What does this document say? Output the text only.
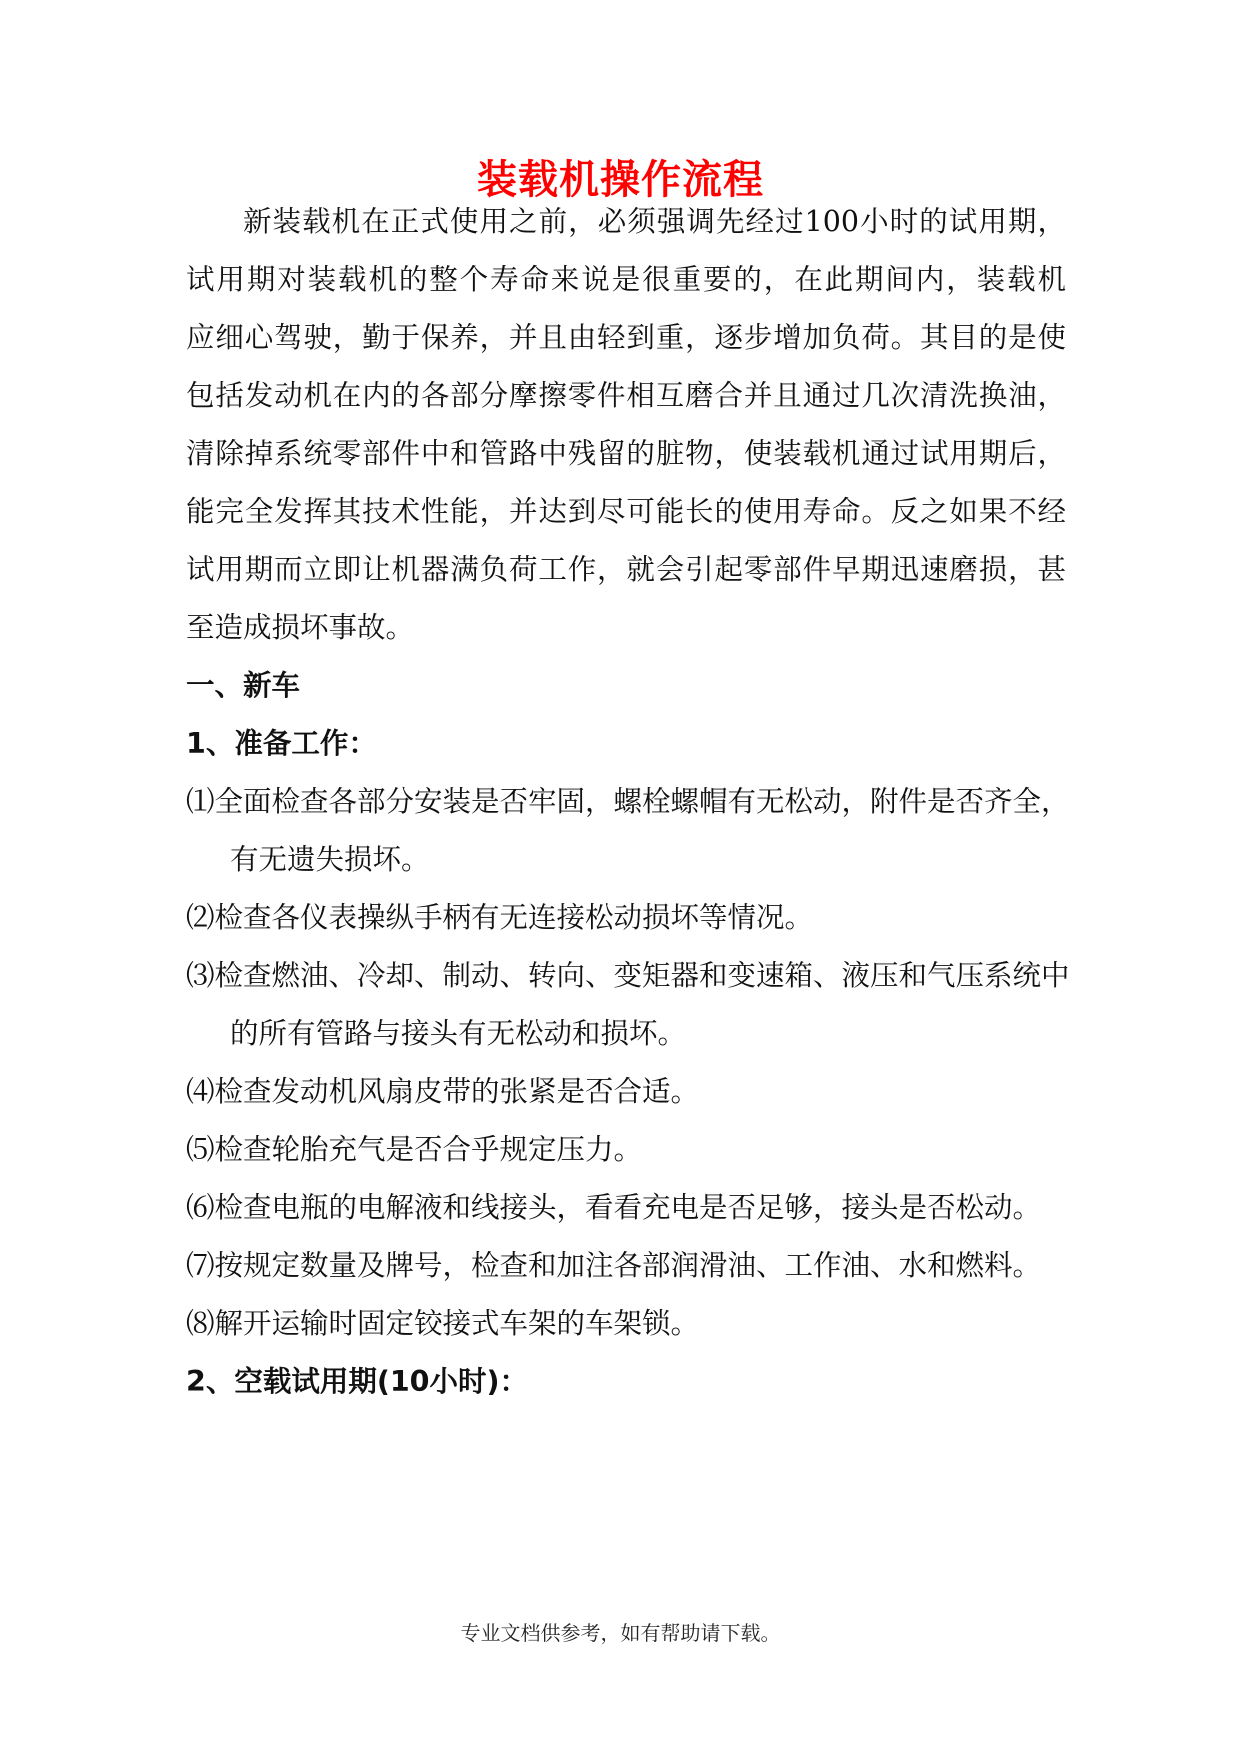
装载机操作流程
新装载机在正式使用之前，必须强调先经过100小时的试用期，
试用期对装载机的整个寿命来说是很重要的，在此期间内，装载机
应细心驾驶，勤于保养，并且由轻到重，逐步增加负荷。其目的是使
包括发动机在内的各部分摩擦零件相互磨合并且通过几次清洗换油，
清除掉系统零部件中和管路中残留的脏物，使装载机通过试用期后，
能完全发挥其技术性能，并达到尽可能长的使用寿命。反之如果不经
试用期而立即让机器满负荷工作，就会引起零部件早期迅速磨损，甚
至造成损坏事故。
一、新车
1、准备工作：
⑴全面检查各部分安装是否牢固，螺栓螺帽有无松动，附件是否齐全，
有无遗失损坏。
⑵检查各仪表操纵手柄有无连接松动损坏等情况。
⑶检查燃油、冷却、制动、转向、变矩器和变速箱、液压和气压系统中
的所有管路与接头有无松动和损坏。
⑷检查发动机风扇皮带的张紧是否合适。
⑸检查轮胎充气是否合乎规定压力。
⑹检查电瓶的电解液和线接头，看看充电是否足够，接头是否松动。
⑺按规定数量及牌号，检查和加注各部润滑油、工作油、水和燃料。
⑻解开运输时固定铰接式车架的车架锁。
2、空载试用期(10小时)：
专业文档供参考，如有帮助请下载。
